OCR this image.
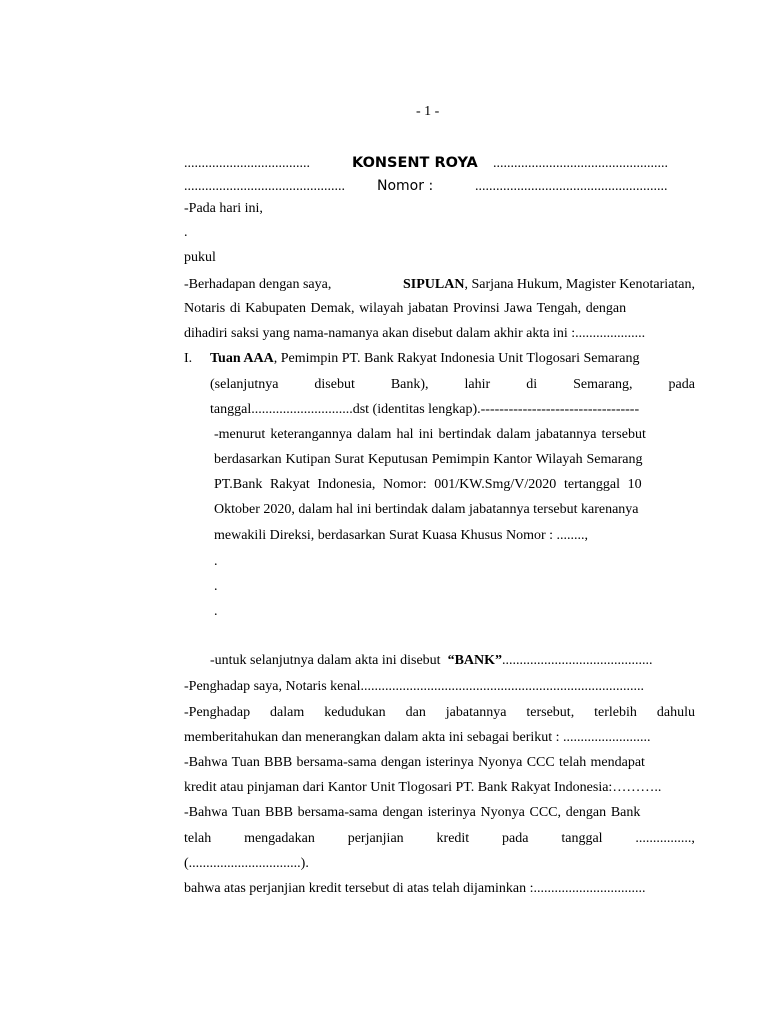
- 1 -
....................................	KONSENT ROYA ..................................................
.............................................. Nomor :	.......................................................
-Pada hari ini,
.
pukul
-Berhadapan dengan saya,	SIPULAN, Sarjana Hukum, Magister Kenotariatan,
Notaris di Kabupaten Demak, wilayah jabatan Provinsi Jawa Tengah, dengan
dihadiri saksi yang nama-namanya akan disebut dalam akhir akta ini :....................
I. Tuan AAA, Pemimpin PT. Bank Rakyat Indonesia Unit Tlogosari Semarang
(selanjutnya	disebut	Bank),	lahir	di	Semarang,	pada
tanggal.............................dst (identitas lengkap).----------------------------------
-menurut keterangannya dalam hal ini bertindak dalam jabatannya tersebut
berdasarkan Kutipan Surat Keputusan Pemimpin Kantor Wilayah Semarang
PT.Bank Rakyat Indonesia, Nomor: 001/KW.Smg/V/2020 tertanggal 10
Oktober 2020, dalam hal ini bertindak dalam jabatannya tersebut karenanya
mewakili Direksi, berdasarkan Surat Kuasa Khusus Nomor : ........,
.
.
.
-untuk selanjutnya dalam akta ini disebut “BANK”...........................................
-Penghadap saya, Notaris kenal.................................................................................
-Penghadap dalam kedudukan dan jabatannya tersebut, terlebih dahulu
memberitahukan dan menerangkan dalam akta ini sebagai berikut : .........................
-Bahwa Tuan BBB bersama-sama dengan isterinya Nyonya CCC telah mendapat
kredit atau pinjaman dari Kantor Unit Tlogosari PT. Bank Rakyat Indonesia:………..
-Bahwa Tuan BBB bersama-sama dengan isterinya Nyonya CCC, dengan Bank
telah mengadakan perjanjian kredit pada tanggal ................,
(................................).
bahwa atas perjanjian kredit tersebut di atas telah dijaminkan :................................
